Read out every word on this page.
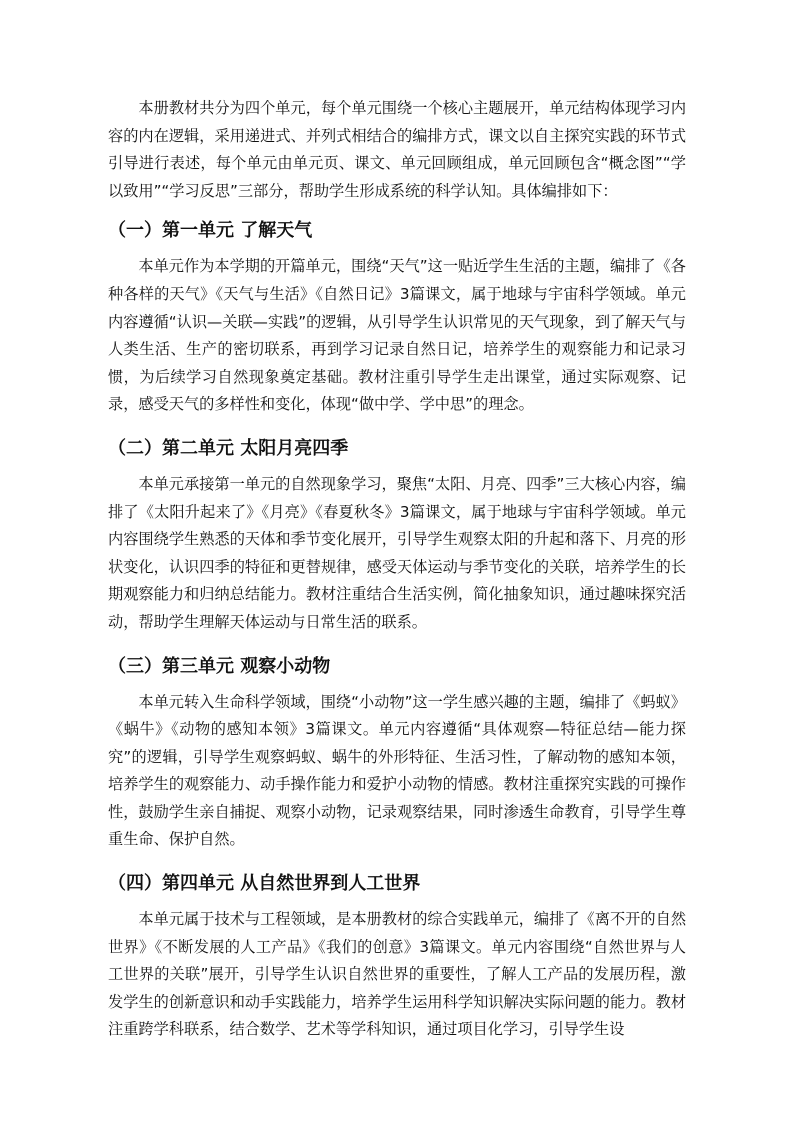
本册教材共分为四个单元，每个单元围绕一个核心主题展开，单元结构体现学习内容的内在逻辑，采用递进式、并列式相结合的编排方式，课文以自主探究实践的环节式引导进行表述，每个单元由单元页、课文、单元回顾组成，单元回顾包含“概念图”“学以致用”“学习反思”三部分，帮助学生形成系统的科学认知。具体编排如下：

（一）第一单元 了解天气

本单元作为本学期的开篇单元，围绕“天气”这一贴近学生生活的主题，编排了《各种各样的天气》《天气与生活》《自然日记》3篇课文，属于地球与宇宙科学领域。单元内容遵循“认识—关联—实践”的逻辑，从引导学生认识常见的天气现象，到了解天气与人类生活、生产的密切联系，再到学习记录自然日记，培养学生的观察能力和记录习惯，为后续学习自然现象奠定基础。教材注重引导学生走出课堂，通过实际观察、记录，感受天气的多样性和变化，体现“做中学、学中思”的理念。

（二）第二单元 太阳月亮四季

本单元承接第一单元的自然现象学习，聚焦“太阳、月亮、四季”三大核心内容，编排了《太阳升起来了》《月亮》《春夏秋冬》3篇课文，属于地球与宇宙科学领域。单元内容围绕学生熟悉的天体和季节变化展开，引导学生观察太阳的升起和落下、月亮的形状变化，认识四季的特征和更替规律，感受天体运动与季节变化的关联，培养学生的长期观察能力和归纳总结能力。教材注重结合生活实例，简化抽象知识，通过趣味探究活动，帮助学生理解天体运动与日常生活的联系。

（三）第三单元 观察小动物

本单元转入生命科学领域，围绕“小动物”这一学生感兴趣的主题，编排了《蚂蚁》《蜗牛》《动物的感知本领》3篇课文。单元内容遵循“具体观察—特征总结—能力探究”的逻辑，引导学生观察蚂蚁、蜗牛的外形特征、生活习性，了解动物的感知本领，培养学生的观察能力、动手操作能力和爱护小动物的情感。教材注重探究实践的可操作性，鼓励学生亲自捕捉、观察小动物，记录观察结果，同时渗透生命教育，引导学生尊重生命、保护自然。

（四）第四单元 从自然世界到人工世界

本单元属于技术与工程领域，是本册教材的综合实践单元，编排了《离不开的自然世界》《不断发展的人工产品》《我们的创意》3篇课文。单元内容围绕“自然世界与人工世界的关联”展开，引导学生认识自然世界的重要性，了解人工产品的发展历程，激发学生的创新意识和动手实践能力，培养学生运用科学知识解决实际问题的能力。教材注重跨学科联系，结合数学、艺术等学科知识，通过项目化学习，引导学生设
